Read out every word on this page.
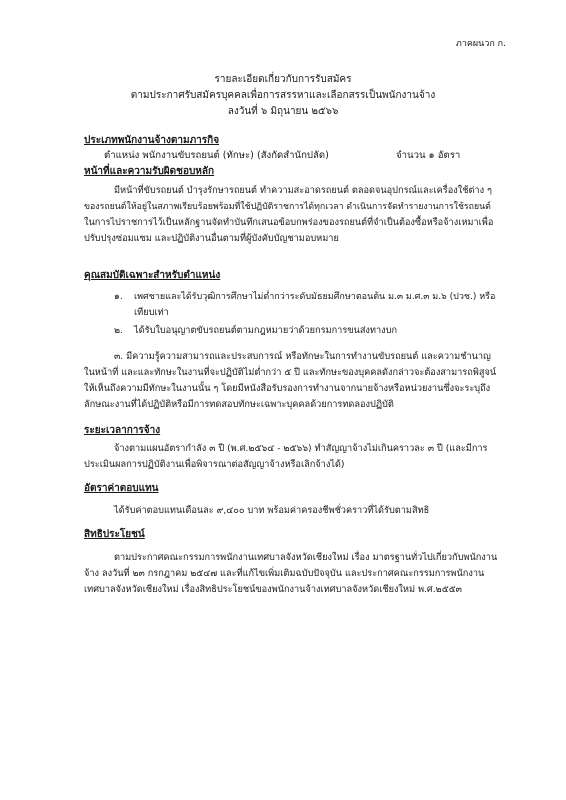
ภาคผนวก ก.
รายละเอียดเกี่ยวกับการรับสมัคร
ตามประกาศรับสมัครบุคคลเพื่อการสรรหาและเลือกสรรเป็นพนักงานจ้าง
ลงวันที่ ๖ มิถุนายน ๒๕๖๖
ประเภทพนักงานจ้างตามภารกิจ
ตำแหน่ง พนักงานขับรถยนต์ (ทักษะ) (สังกัดสำนักปลัด)	จำนวน ๑ อัตรา
หน้าที่และความรับผิดชอบหลัก
มีหน้าที่ขับรถยนต์ บำรุงรักษารถยนต์ ทำความสะอาดรถยนต์ ตลอดจนอุปกรณ์และเครื่องใช้ต่าง ๆ
ของรถยนต์ให้อยู่ในสภาพเรียบร้อยพร้อมที่ใช้ปฏิบัติราชการได้ทุกเวลา ดำเนินการจัดทำรายงานการใช้รถยนต์
ในการไปราชการไว้เป็นหลักฐานจัดทำบันทึกเสนอข้อบกพร่องของรถยนต์ที่จำเป็นต้องซื้อหรือจ้างเหมาเพื่อ
ปรับปรุงซ่อมแซม และปฏิบัติงานอื่นตามที่ผู้บังคับบัญชามอบหมาย
คุณสมบัติเฉพาะสำหรับตำแหน่ง
๑. เพศชายและได้รับวุฒิการศึกษาไม่ต่ำกว่าระดับมัธยมศึกษาตอนต้น ม.๓ ม.ศ.๓ ม.๖ (ปวช.) หรือ
เทียบเท่า
๒. ได้รับใบอนุญาตขับรถยนต์ตามกฎหมายว่าด้วยกรมการขนส่งทางบก
๓. มีความรู้ความสามารถและประสบการณ์ หรือทักษะในการทำงานขับรถยนต์ และความชำนาญ
ในหน้าที่ และและทักษะในงานที่จะปฏิบัติไม่ต่ำกว่า ๕ ปี และทักษะของบุคคลดังกล่าวจะต้องสามารถพิสูจน์
ให้เห็นถึงความมีทักษะในงานนั้น ๆ โดยมีหนังสือรับรองการทำงานจากนายจ้างหรือหน่วยงานซึ่งจะระบุถึง
ลักษณะงานที่ได้ปฏิบัติหรือมีการทดสอบทักษะเฉพาะบุคคลด้วยการทดลองปฏิบัติ
ระยะเวลาการจ้าง
จ้างตามแผนอัตรากำลัง ๓ ปี (พ.ศ.๒๕๖๔ - ๒๕๖๖) ทำสัญญาจ้างไม่เกินคราวละ ๓ ปี (และมีการ
ประเมินผลการปฏิบัติงานเพื่อพิจารณาต่อสัญญาจ้างหรือเลิกจ้างได้)
อัตราค่าตอบแทน
ได้รับค่าตอบแทนเดือนละ ๙,๔๐๐ บาท พร้อมค่าครองชีพชั่วคราวที่ได้รับตามสิทธิ
สิทธิประโยชน์
ตามประกาศคณะกรรมการพนักงานเทศบาลจังหวัดเชียงใหม่ เรื่อง มาตรฐานทั่วไปเกี่ยวกับพนักงาน
จ้าง ลงวันที่ ๒๓ กรกฎาคม ๒๕๔๗ และที่แก้ไขเพิ่มเติมฉบับปัจจุบัน และประกาศคณะกรรมการพนักงาน
เทศบาลจังหวัดเชียงใหม่ เรื่องสิทธิประโยชน์ของพนักงานจ้างเทศบาลจังหวัดเชียงใหม่ พ.ศ.๒๕๕๓
